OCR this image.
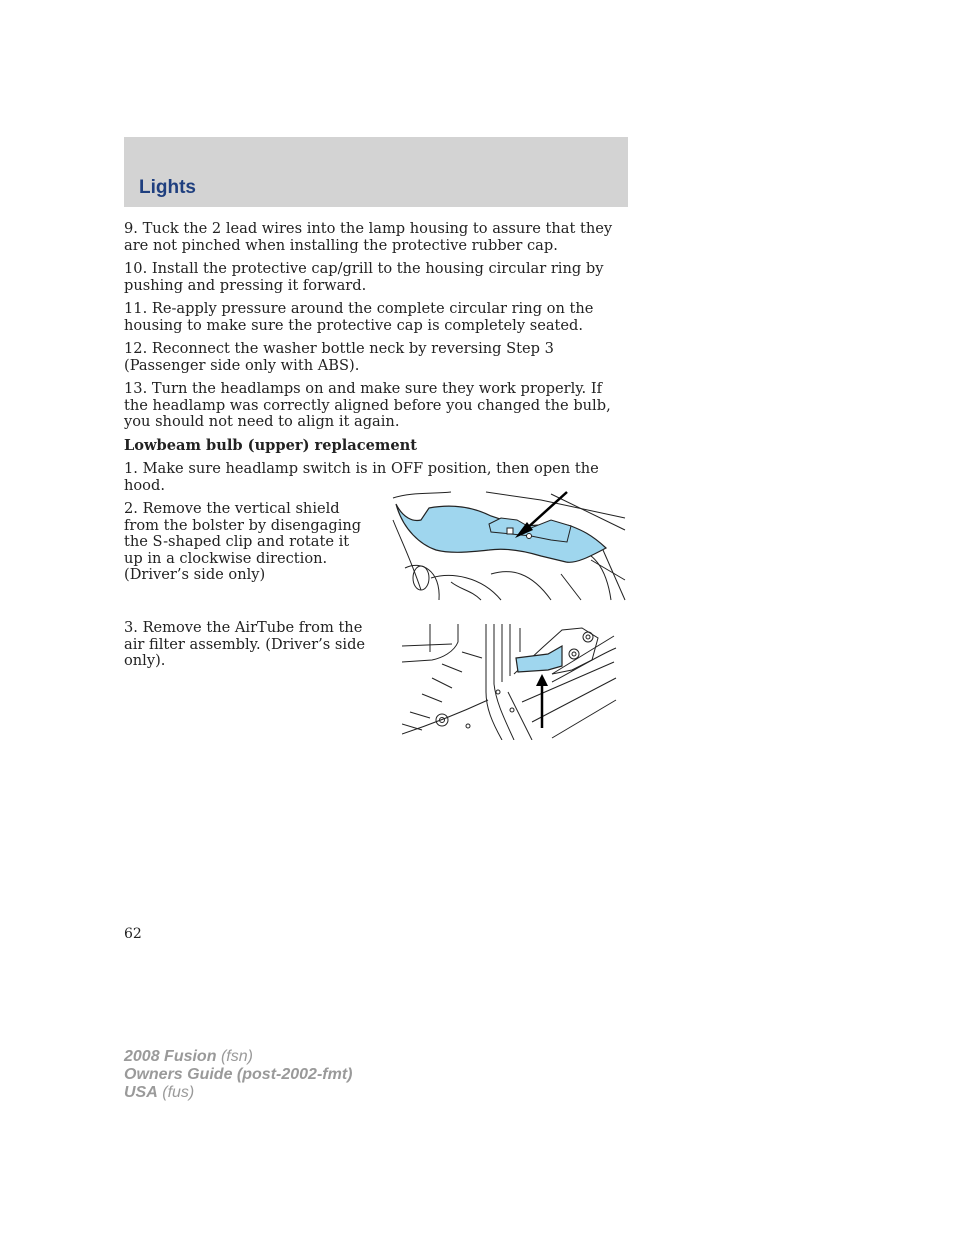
Lights

9. Tuck the 2 lead wires into the lamp housing to assure that they are not pinched when installing the protective rubber cap.

10. Install the protective cap/grill to the housing circular ring by pushing and pressing it forward.

11. Re-apply pressure around the complete circular ring on the housing to make sure the protective cap is completely seated.

12. Reconnect the washer bottle neck by reversing Step 3 (Passenger side only with ABS).

13. Turn the headlamps on and make sure they work properly. If the headlamp was correctly aligned before you changed the bulb, you should not need to align it again.

Lowbeam bulb (upper) replacement

1. Make sure headlamp switch is in OFF position, then open the hood.

2. Remove the vertical shield from the bolster by disengaging the S-shaped clip and rotate it up in a clockwise direction. (Driver’s side only)

3. Remove the AirTube from the air filter assembly. (Driver’s side only).

62
2008 Fusion (fsn)
Owners Guide (post-2002-fmt)
USA (fus)
